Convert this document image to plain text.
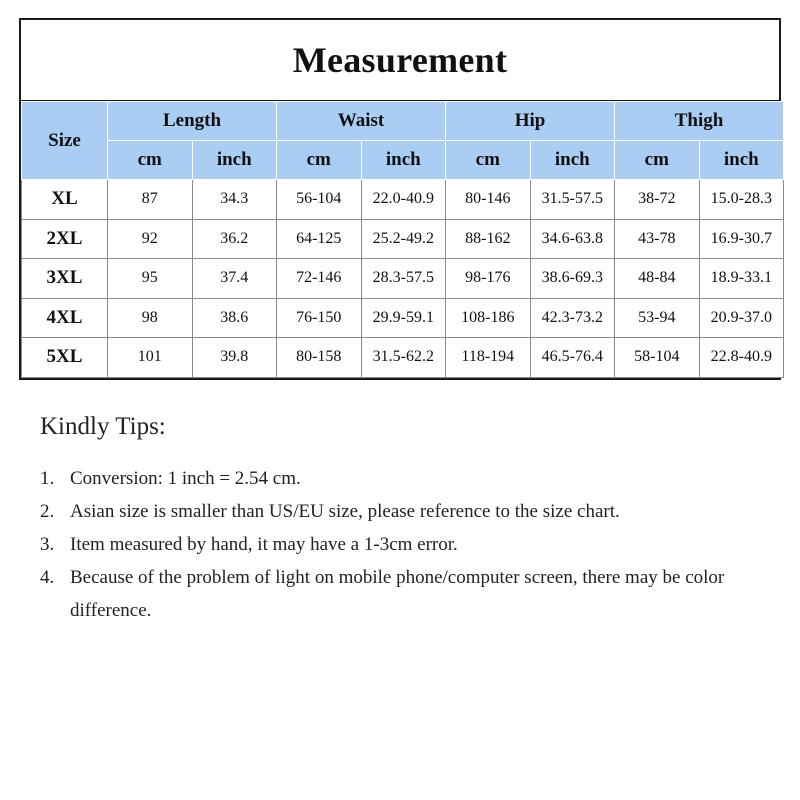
Measurement
Size	Length		Waist		Hip		Thigh	
	cm	inch	cm	inch	cm	inch	cm	inch
XL	87	34.3	56-104	22.0-40.9	80-146	31.5-57.5	38-72	15.0-28.3
2XL	92	36.2	64-125	25.2-49.2	88-162	34.6-63.8	43-78	16.9-30.7
3XL	95	37.4	72-146	28.3-57.5	98-176	38.6-69.3	48-84	18.9-33.1
4XL	98	38.6	76-150	29.9-59.1	108-186	42.3-73.2	53-94	20.9-37.0
5XL	101	39.8	80-158	31.5-62.2	118-194	46.5-76.4	58-104	22.8-40.9
Kindly Tips:
1. Conversion: 1 inch = 2.54 cm.
2. Asian size is smaller than US/EU size, please reference to the size chart.
3. Item measured by hand, it may have a 1-3cm error.
4. Because of the problem of light on mobile phone/computer screen, there may be color difference.
